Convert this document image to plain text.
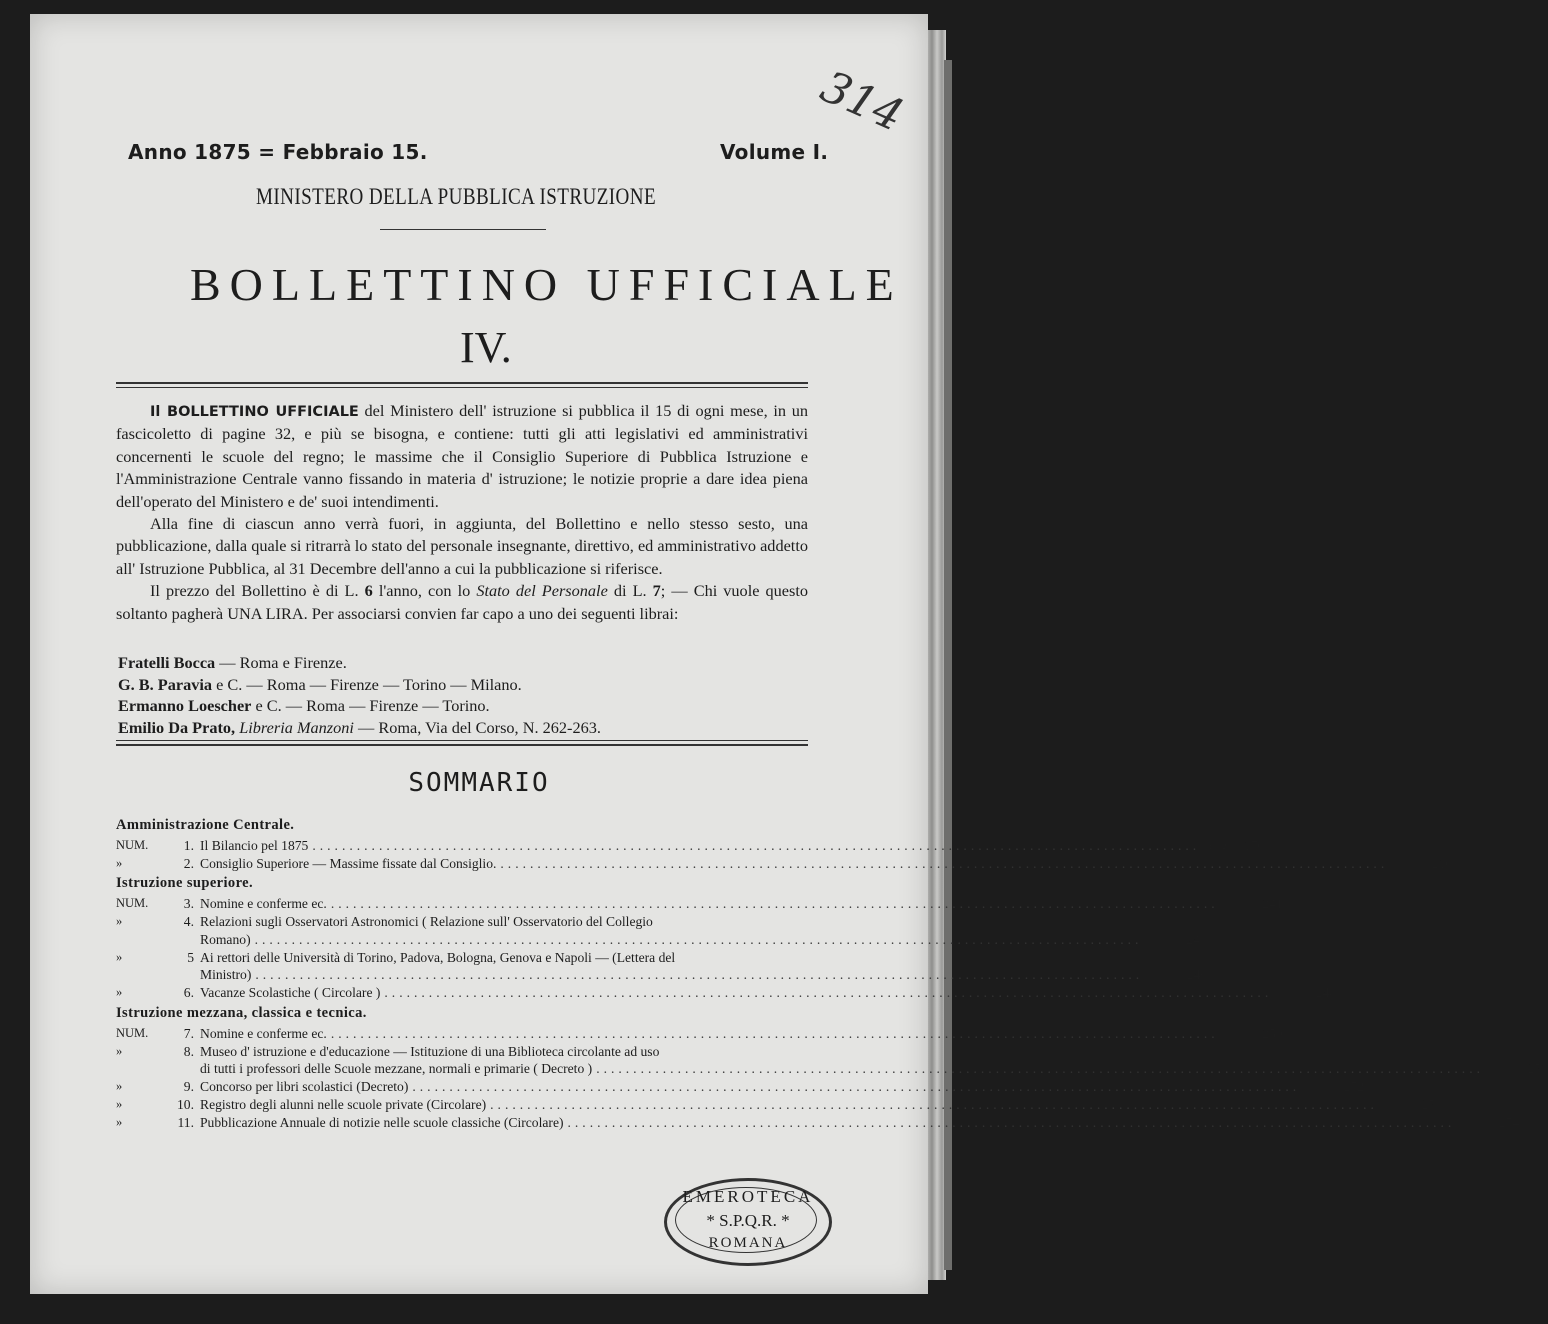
314
Anno 1875 = Febbraio 15.	Volume I.
MINISTERO DELLA PUBBLICA ISTRUZIONE
BOLLETTINO UFFICIALE
IV.

Il BOLLETTINO UFFICIALE del Ministero dell' istruzione si pubblica il 15 di ogni mese, in un fascicoletto di pagine 32, e più se bisogna, e contiene: tutti gli atti legislativi ed amministrativi concernenti le scuole del regno; le massime che il Consiglio Superiore di Pubblica Istruzione e l'Amministrazione Centrale vanno fissando in materia d' istruzione; le notizie proprie a dare idea piena dell'operato del Ministero e de' suoi intendimenti.

Alla fine di ciascun anno verrà fuori, in aggiunta, del Bollettino e nello stesso sesto, una pubblicazione, dalla quale si ritrarrà lo stato del personale insegnante, direttivo, ed amministrativo addetto all' Istruzione Pubblica, al 31 Decembre dell'anno a cui la pubblicazione si riferisce.

Il prezzo del Bollettino è di L. 6 l'anno, con lo Stato del Personale di L. 7; — Chi vuole questo soltanto pagherà UNA LIRA. Per associarsi convien far capo a uno dei seguenti librai:

Fratelli Bocca — Roma e Firenze.
G. B. Paravia e C. — Roma — Firenze — Torino — Milano.
Ermanno Loescher e C. — Roma — Firenze — Torino.
Emilio Da Prato, Libreria Manzoni — Roma, Via del Corso, N. 262-263.
SOMMARIO
Amministrazione Centrale.
NUM.	1. Il Bilancio pel 1875 ........................................................................................................................ Pag.	170
»	2. Consiglio Superiore — Massime fissate dal Consiglio. ........................................................................................................................	»	210
Istruzione superiore.
NUM.	3. Nomine e conferme ec. ........................................................................................................................	»	241
»	4. Relazioni sugli Osservatori Astronomici ( Relazione sull' Osservatorio del Collegio
Romano) ........................................................................................................................	»	243
»	5 Ai rettori delle Università di Torino, Padova, Bologna, Genova e Napoli — (Lettera del
Ministro) ........................................................................................................................	»	246
»	6. Vacanze Scolastiche ( Circolare ) ........................................................................................................................	»	248
Istruzione mezzana, classica e tecnica.
NUM.	7. Nomine e conferme ec. ........................................................................................................................	»	250
»	8. Museo d' istruzione e d'educazione — Istituzione di una Biblioteca circolante ad uso
di tutti i professori delle Scuole mezzane, normali e primarie ( Decreto ) ........................................................................................................................	»	251
»	9. Concorso per libri scolastici (Decreto) ........................................................................................................................	»	252
»	10. Registro degli alunni nelle scuole private (Circolare) ........................................................................................................................	»	253
»	11. Pubblicazione Annuale di notizie nelle scuole classiche (Circolare) ........................................................................................................................	»	254
EMEROTECA
* S.P.Q.R. *
ROMANA
